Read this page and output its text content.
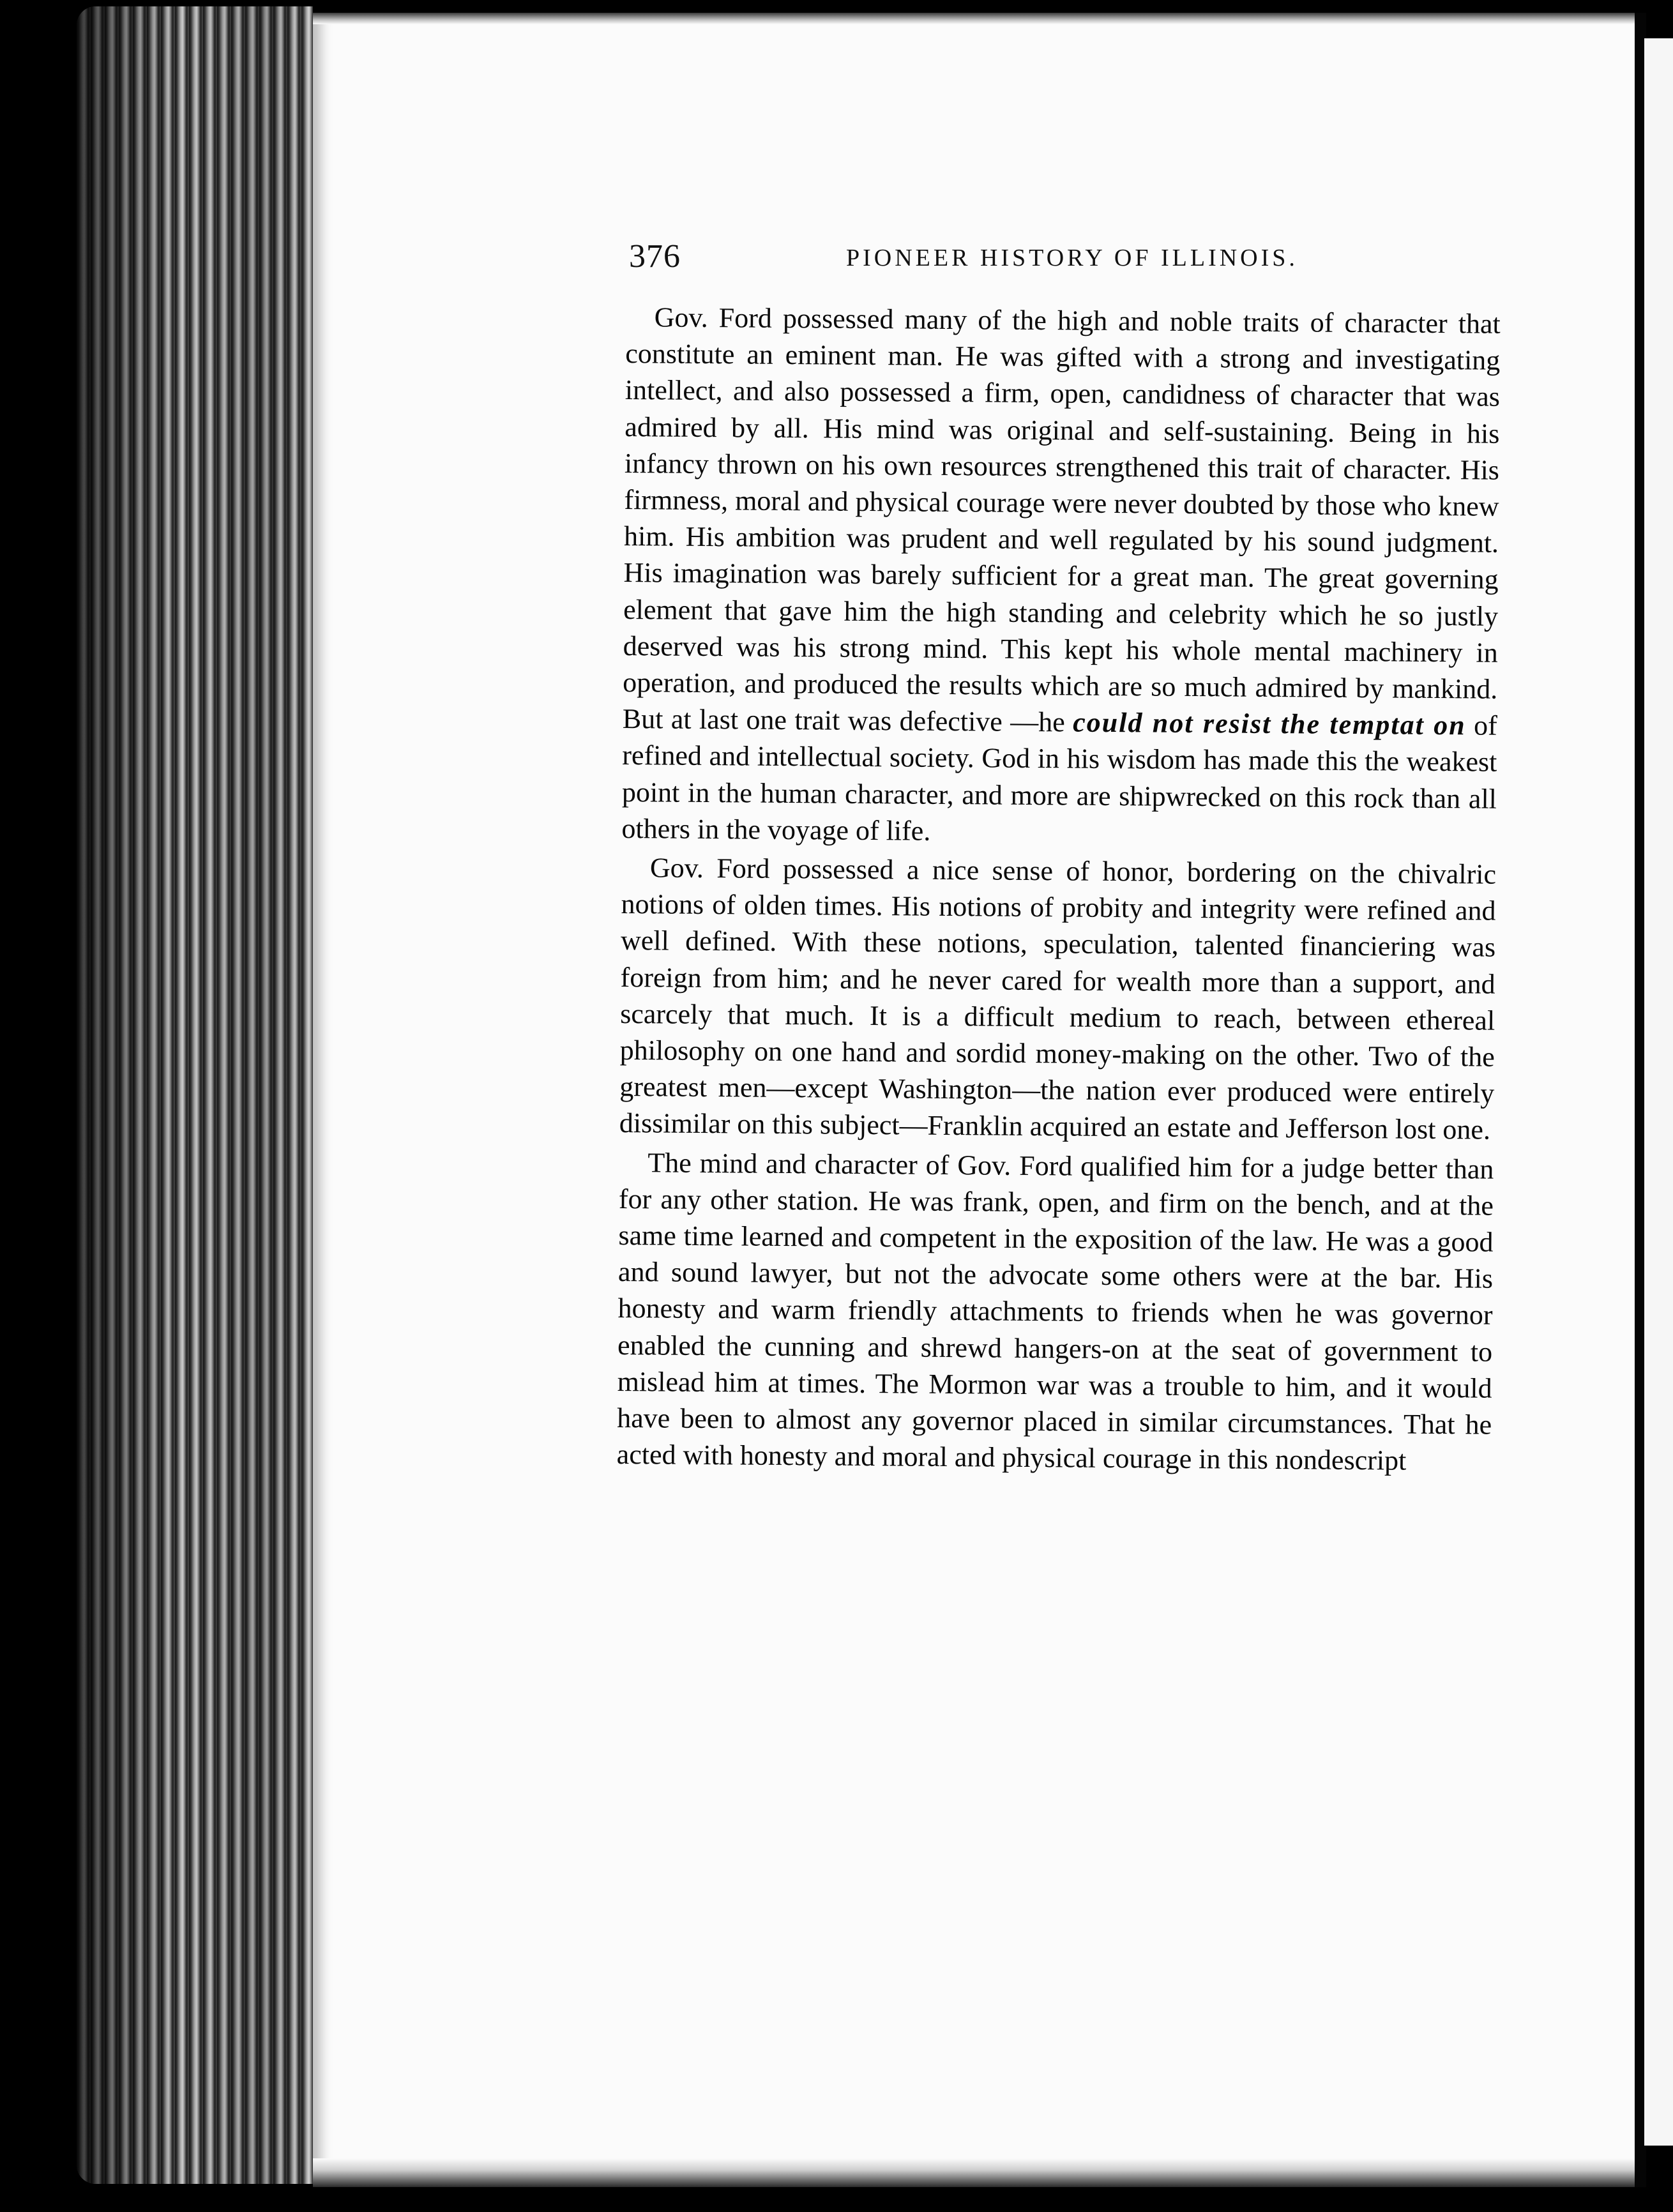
376	PIONEER HISTORY OF ILLINOIS.

Gov. Ford possessed many of the high and noble traits of character that constitute an eminent man. He was gifted with a strong and investigating intellect, and also possessed a firm, open, candidness of character that was admired by all. His mind was original and self-sustaining. Being in his infancy thrown on his own resources strengthened this trait of character. His firmness, moral and physical courage were never doubted by those who knew him. His ambition was prudent and well regulated by his sound judgment. His imagination was barely sufficient for a great man. The great governing element that gave him the high standing and celebrity which he so justly deserved was his strong mind. This kept his whole mental machinery in operation, and produced the results which are so much admired by mankind. But at last one trait was defective —he could not resist the temptat on of refined and intellectual society. God in his wisdom has made this the weakest point in the human character, and more are shipwrecked on this rock than all others in the voyage of life.

Gov. Ford possessed a nice sense of honor, bordering on the chivalric notions of olden times. His notions of probity and integrity were refined and well defined. With these notions, speculation, talented financiering was foreign from him; and he never cared for wealth more than a support, and scarcely that much. It is a difficult medium to reach, between ethereal philosophy on one hand and sordid money-making on the other. Two of the greatest men—except Washington—the nation ever produced were entirely dissimilar on this subject—Franklin acquired an estate and Jefferson lost one.

The mind and character of Gov. Ford qualified him for a judge better than for any other station. He was frank, open, and firm on the bench, and at the same time learned and competent in the exposition of the law. He was a good and sound lawyer, but not the advocate some others were at the bar. His honesty and warm friendly attachments to friends when he was governor enabled the cunning and shrewd hangers-on at the seat of government to mislead him at times. The Mormon war was a trouble to him, and it would have been to almost any governor placed in similar circumstances. That he acted with honesty and moral and physical courage in this nondescript
